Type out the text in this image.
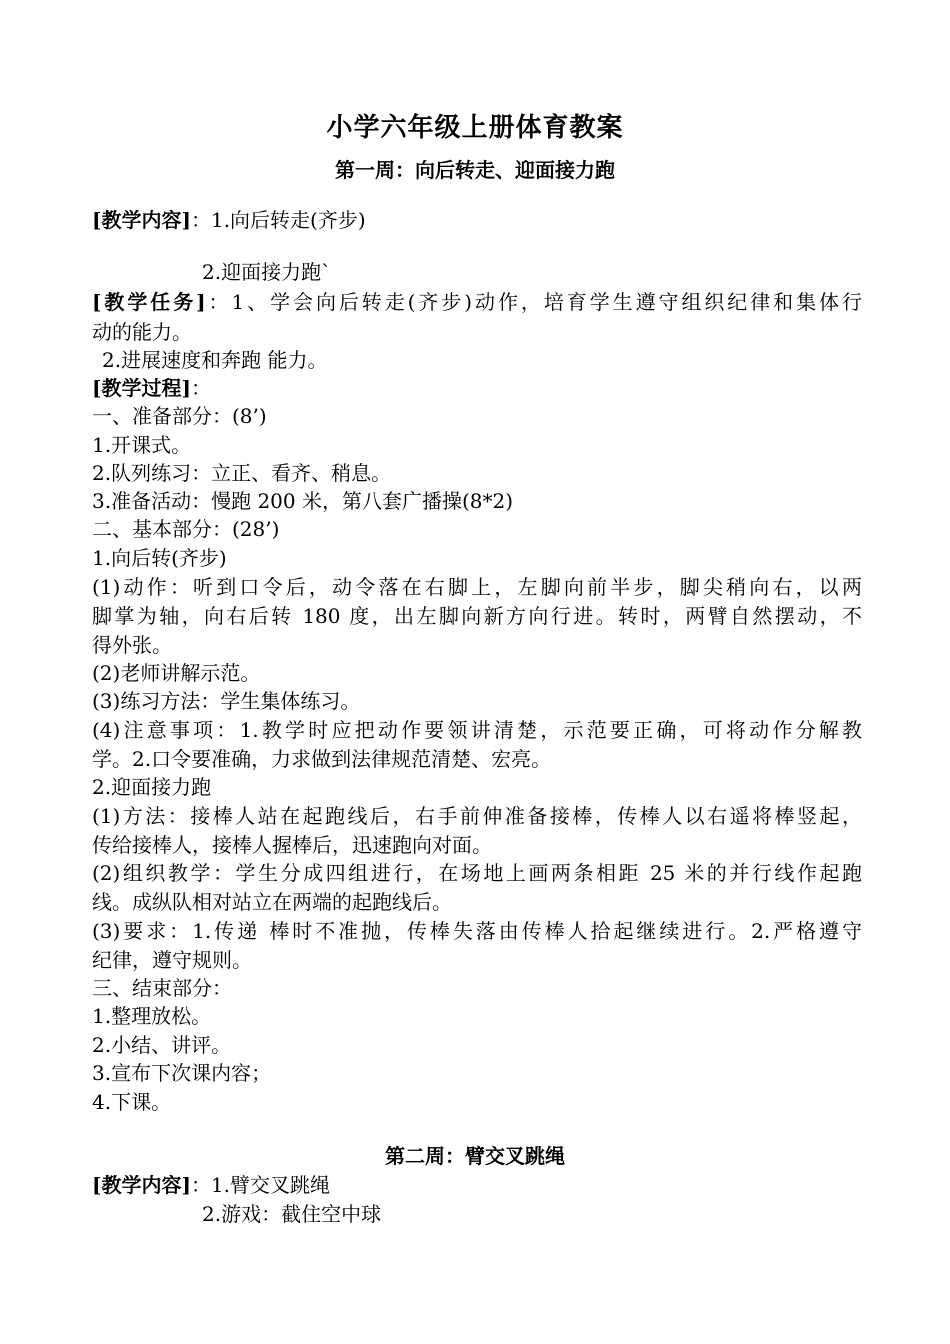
小学六年级上册体育教案
第一周：向后转走、迎面接力跑
[教学内容]：1.向后转走(齐步)
2.迎面接力跑`
[教学任务]：1、学会向后转走(齐步)动作，培育学生遵守组织纪律和集体行
动的能力。
2.进展速度和奔跑 能力。
[教学过程]：
一、准备部分：(8’)
1.开课式。
2.队列练习：立正、看齐、稍息。
3.准备活动：慢跑 200 米，第八套广播操(8*2)
二、基本部分：(28’)
1.向后转(齐步)
(1)动作：听到口令后，动令落在右脚上，左脚向前半步，脚尖稍向右，以两
脚掌为轴，向右后转 180 度，出左脚向新方向行进。转时，两臂自然摆动，不
得外张。
(2)老师讲解示范。
(3)练习方法：学生集体练习。
(4)注意事项：1.教学时应把动作要领讲清楚，示范要正确，可将动作分解教
学。2.口令要准确，力求做到法律规范清楚、宏亮。
2.迎面接力跑
(1)方法：接棒人站在起跑线后，右手前伸准备接棒，传棒人以右遥将棒竖起，
传给接棒人，接棒人握棒后，迅速跑向对面。
(2)组织教学：学生分成四组进行，在场地上画两条相距 25 米的并行线作起跑
线。成纵队相对站立在两端的起跑线后。
(3)要求：1.传递 棒时不准抛，传棒失落由传棒人拾起继续进行。2.严格遵守
纪律，遵守规则。
三、结束部分：
1.整理放松。
2.小结、讲评。
3.宣布下次课内容；
4.下课。
第二周：臂交叉跳绳
[教学内容]：1.臂交叉跳绳
2.游戏：截住空中球
